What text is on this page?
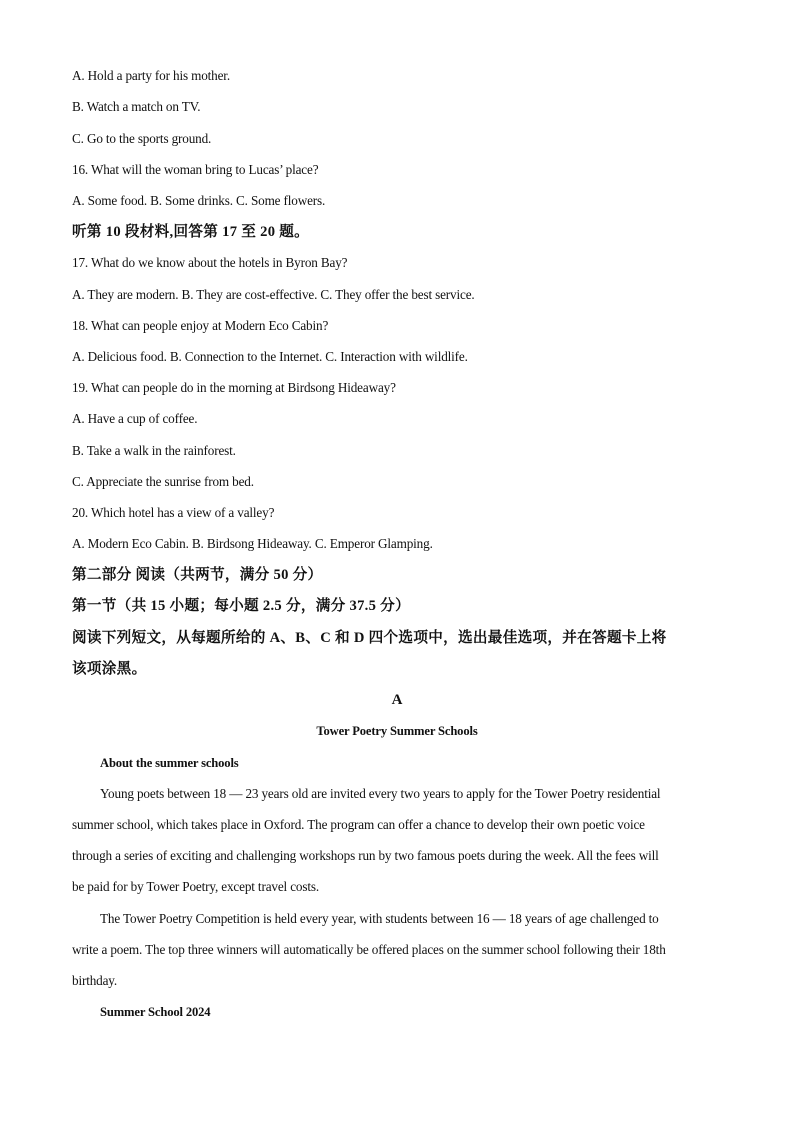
A. Hold a party for his mother.
B. Watch a match on TV.
C. Go to the sports ground.
16. What will the woman bring to Lucas’ place?
A. Some food. B. Some drinks. C. Some flowers.
听第 10 段材料,回答第 17 至 20 题。
17. What do we know about the hotels in Byron Bay?
A. They are modern. B. They are cost-effective. C. They offer the best service.
18. What can people enjoy at Modern Eco Cabin?
A. Delicious food. B. Connection to the Internet. C. Interaction with wildlife.
19. What can people do in the morning at Birdsong Hideaway?
A. Have a cup of coffee.
B. Take a walk in the rainforest.
C. Appreciate the sunrise from bed.
20. Which hotel has a view of a valley?
A. Modern Eco Cabin. B. Birdsong Hideaway. C. Emperor Glamping.
第二部分 阅读（共两节，满分 50 分）
第一节（共 15 小题；每小题 2.5 分，满分 37.5 分）
阅读下列短文，从每题所给的 A、B、C 和 D 四个选项中，选出最佳选项，并在答题卡上将
该项涂黑。
A
Tower Poetry Summer Schools
About the summer schools
Young poets between 18 — 23 years old are invited every two years to apply for the Tower Poetry residential
summer school, which takes place in Oxford. The program can offer a chance to develop their own poetic voice
through a series of exciting and challenging workshops run by two famous poets during the week. All the fees will
be paid for by Tower Poetry, except travel costs.
The Tower Poetry Competition is held every year, with students between 16 — 18 years of age challenged to
write a poem. The top three winners will automatically be offered places on the summer school following their 18th
birthday.
Summer School 2024
